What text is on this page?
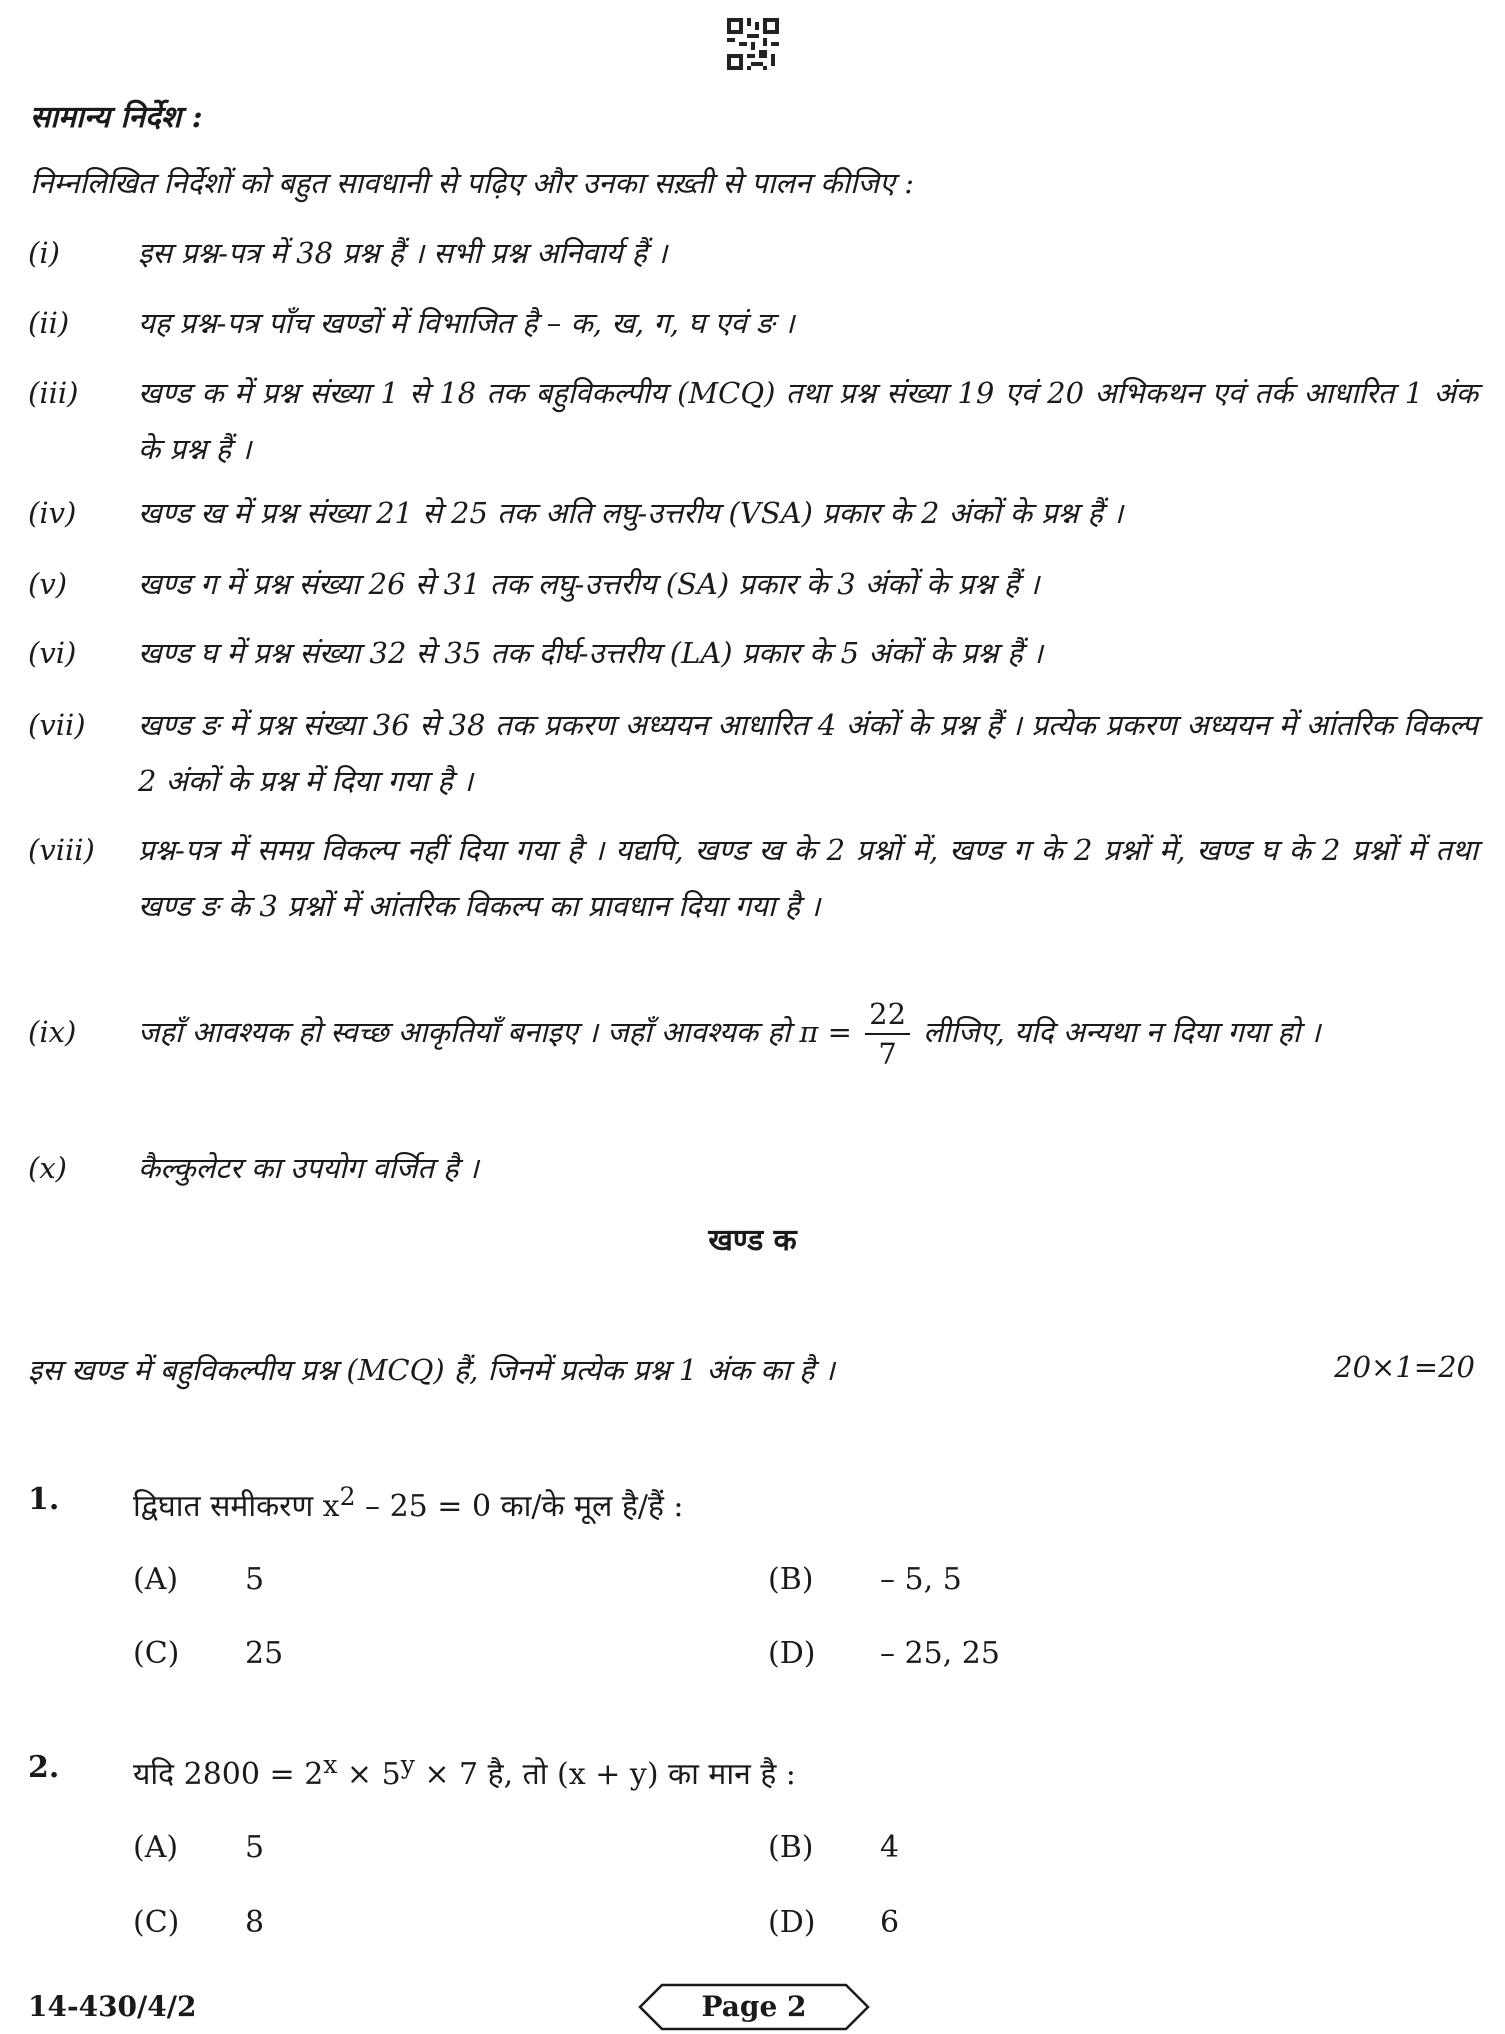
सामान्य निर्देश :
निम्नलिखित निर्देशों को बहुत सावधानी से पढ़िए और उनका सख़्ती से पालन कीजिए :
(i)	इस प्रश्न-पत्र में 38 प्रश्न हैं । सभी प्रश्न अनिवार्य हैं ।
(ii) यह प्रश्न-पत्र पाँच खण्डों में विभाजित है – क, ख, ग, घ एवं ङ ।
(iii) खण्ड क में प्रश्न संख्या 1 से 18 तक बहुविकल्पीय (MCQ) तथा प्रश्न संख्या 19 एवं 20 अभिकथन एवं तर्क आधारित 1 अंक के प्रश्न हैं ।
(iv) खण्ड ख में प्रश्न संख्या 21 से 25 तक अति लघु-उत्तरीय (VSA) प्रकार के 2 अंकों के प्रश्न हैं ।
(v) खण्ड ग में प्रश्न संख्या 26 से 31 तक लघु-उत्तरीय (SA) प्रकार के 3 अंकों के प्रश्न हैं ।
(vi) खण्ड घ में प्रश्न संख्या 32 से 35 तक दीर्घ-उत्तरीय (LA) प्रकार के 5 अंकों के प्रश्न हैं ।
(vii) खण्ड ङ में प्रश्न संख्या 36 से 38 तक प्रकरण अध्ययन आधारित 4 अंकों के प्रश्न हैं । प्रत्येक प्रकरण अध्ययन में आंतरिक विकल्प 2 अंकों के प्रश्न में दिया गया है ।
(viii) प्रश्न-पत्र में समग्र विकल्प नहीं दिया गया है । यद्यपि, खण्ड ख के 2 प्रश्नों में, खण्ड ग के 2 प्रश्नों में, खण्ड घ के 2 प्रश्नों में तथा खण्ड ङ के 3 प्रश्नों में आंतरिक विकल्प का प्रावधान दिया गया है ।
(ix) जहाँ आवश्यक हो स्वच्छ आकृतियाँ बनाइए । जहाँ आवश्यक हो $\pi = \frac{22}{7}$ लीजिए, यदि अन्यथा न दिया गया हो ।
(x) कैल्कुलेटर का उपयोग वर्जित है ।
खण्ड क
इस खण्ड में बहुविकल्पीय प्रश्न (MCQ) हैं, जिनमें प्रत्येक प्रश्न 1 अंक का है ।	20×1=20
1. द्विघात समीकरण $x^2 - 25 = 0$ का/के मूल है/हैं :
(A) 5	(B) – 5, 5
(C) 25	(D) – 25, 25
2. यदि $2800 = 2^x \times 5^y \times 7$ है, तो (x + y) का मान है :
(A) 5	(B) 4
(C) 8	(D) 6
14-430/4/2	Page 2
